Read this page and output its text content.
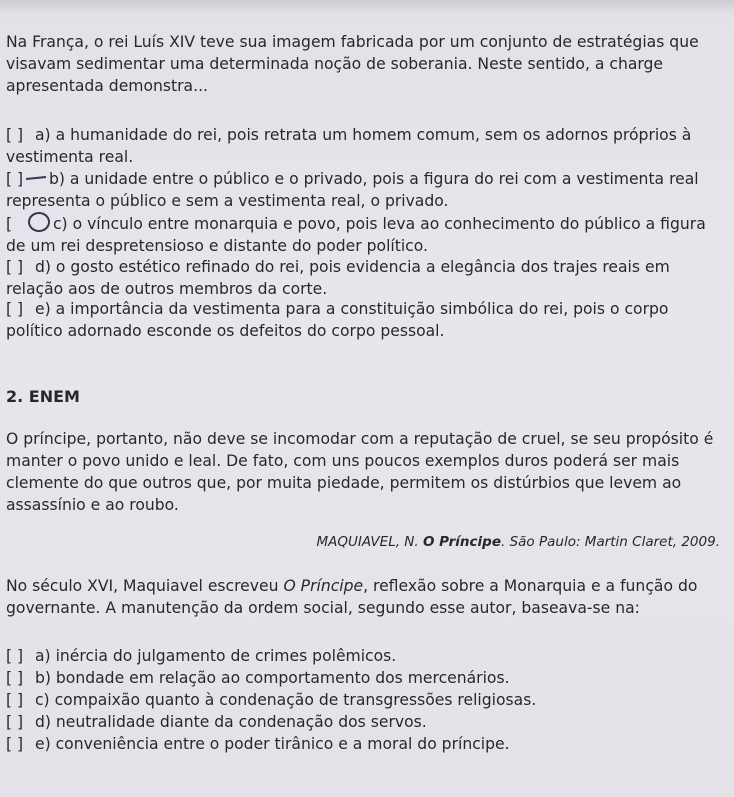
Na França, o rei Luís XIV teve sua imagem fabricada por um conjunto de estratégias que visavam sedimentar uma determinada noção de soberania. Neste sentido, a charge apresentada demonstra...

[ ] a) a humanidade do rei, pois retrata um homem comum, sem os adornos próprios à vestimenta real.

[ ] b) a unidade entre o público e o privado, pois a figura do rei com a vestimenta real representa o público e sem a vestimenta real, o privado.

[	c) o vínculo entre monarquia e povo, pois leva ao conhecimento do público a figura de um rei despretensioso e distante do poder político.

[ ] d) o gosto estético refinado do rei, pois evidencia a elegância dos trajes reais em relação aos de outros membros da corte.

[ ] e) a importância da vestimenta para a constituição simbólica do rei, pois o corpo político adornado esconde os defeitos do corpo pessoal.

2. ENEM

O príncipe, portanto, não deve se incomodar com a reputação de cruel, se seu propósito é manter o povo unido e leal. De fato, com uns poucos exemplos duros poderá ser mais clemente do que outros que, por muita piedade, permitem os distúrbios que levem ao assassínio e ao roubo.

MAQUIAVEL, N. O Príncipe. São Paulo: Martin Claret, 2009.

No século XVI, Maquiavel escreveu O Príncipe, reflexão sobre a Monarquia e a função do governante. A manutenção da ordem social, segundo esse autor, baseava-se na:

[ ] a) inércia do julgamento de crimes polêmicos.

[ ] b) bondade em relação ao comportamento dos mercenários.

[ ] c) compaixão quanto à condenação de transgressões religiosas.

[ ] d) neutralidade diante da condenação dos servos.

[ ] e) conveniência entre o poder tirânico e a moral do príncipe.
